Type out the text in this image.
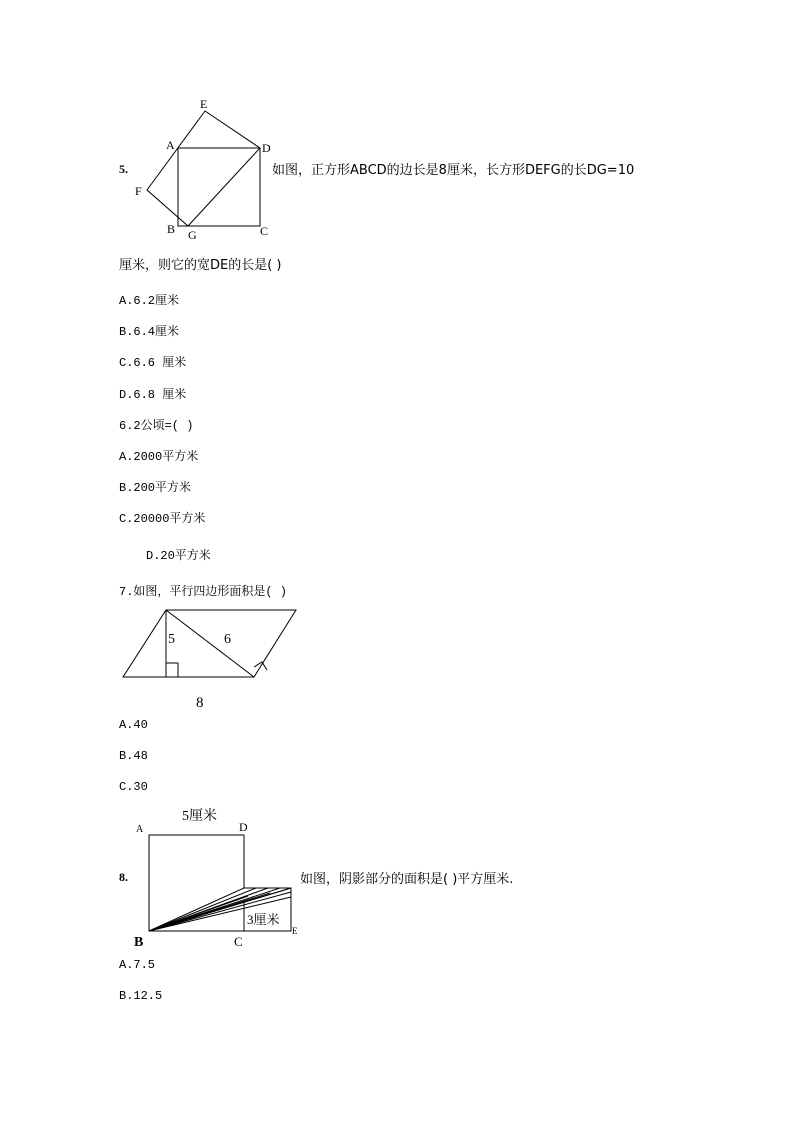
5.
E
A	D
F
B G	C
如图，正方形ABCD的边长是8厘米，长方形DEFG的长DG=10
厘米，则它的宽DE的长是( )
A.6.2厘米
B.6.4厘米
C.6.6 厘米
D.6.8 厘米
6.2公顷=( )
A.2000平方米
B.200平方米
C.20000平方米
D.20平方米
7.如图，平行四边形面积是( )
5	6
8
A.40
B.48
C.30
8.
5厘米
A	D
B	C
E
3厘米
如图，阴影部分的面积是( )平方厘米.
A.7.5
B.12.5
